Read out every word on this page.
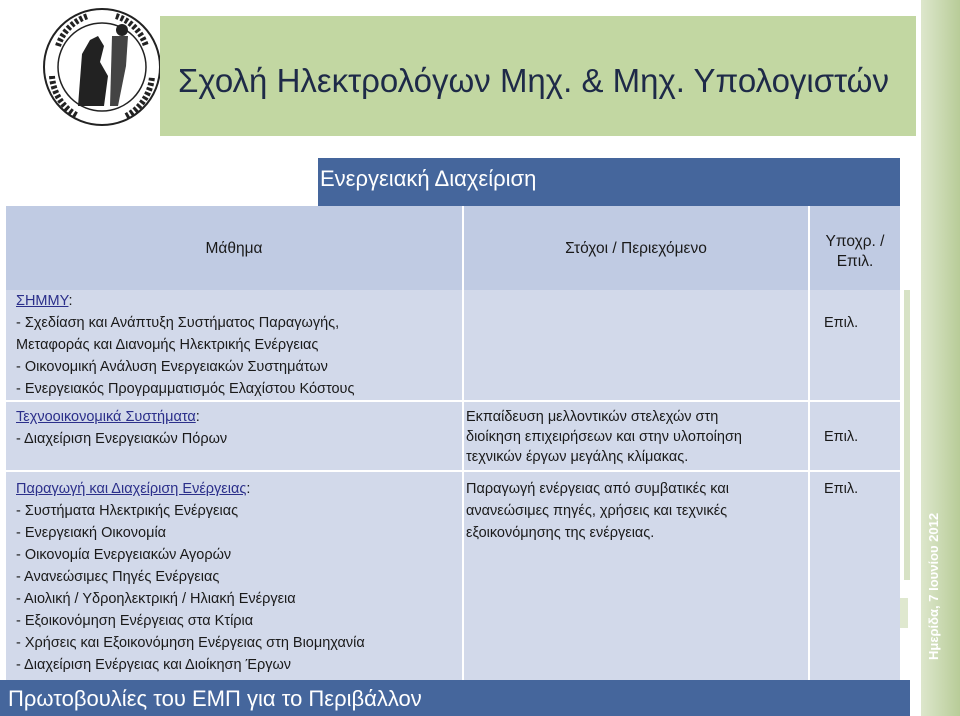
Σχολή Ηλεκτρολόγων Μηχ. & Μηχ. Υπολογιστών
Ημερίδα, 7 Ιουνίου 2012
Ενεργειακή Διαχείριση
Μάθημα	Στόχοι / Περιεχόμενο	Υποχρ. /Επιλ.
ΣΗΜΜΥ:
- Σχεδίαση και Ανάπτυξη Συστήματος Παραγωγής,
Μεταφοράς και Διανομής Ηλεκτρικής Ενέργειας
- Οικονομική Ανάλυση Ενεργειακών Συστημάτων
- Ενεργειακός Προγραμματισμός Ελαχίστου Κόστους
Επιλ.
Τεχνοοικονομικά Συστήματα:
- Διαχείριση Ενεργειακών Πόρων
Εκπαίδευση μελλοντικών στελεχών στη
διοίκηση επιχειρήσεων και στην υλοποίηση
τεχνικών έργων μεγάλης κλίμακας.
Επιλ.
Παραγωγή και Διαχείριση Ενέργειας:
- Συστήματα Ηλεκτρικής Ενέργειας
- Ενεργειακή Οικονομία
- Οικονομία Ενεργειακών Αγορών
- Ανανεώσιμες Πηγές Ενέργειας
- Αιολική / Υδροηλεκτρική / Ηλιακή Ενέργεια
- Εξοικονόμηση Ενέργειας στα Κτίρια
- Χρήσεις και Εξοικονόμηση Ενέργειας στη Βιομηχανία
- Διαχείριση Ενέργειας και Διοίκηση Έργων
Παραγωγή ενέργειας από συμβατικές και
ανανεώσιμες πηγές, χρήσεις και τεχνικές
εξοικονόμησης της ενέργειας.
Επιλ.
Πρωτοβουλίες του ΕΜΠ για το Περιβάλλον
